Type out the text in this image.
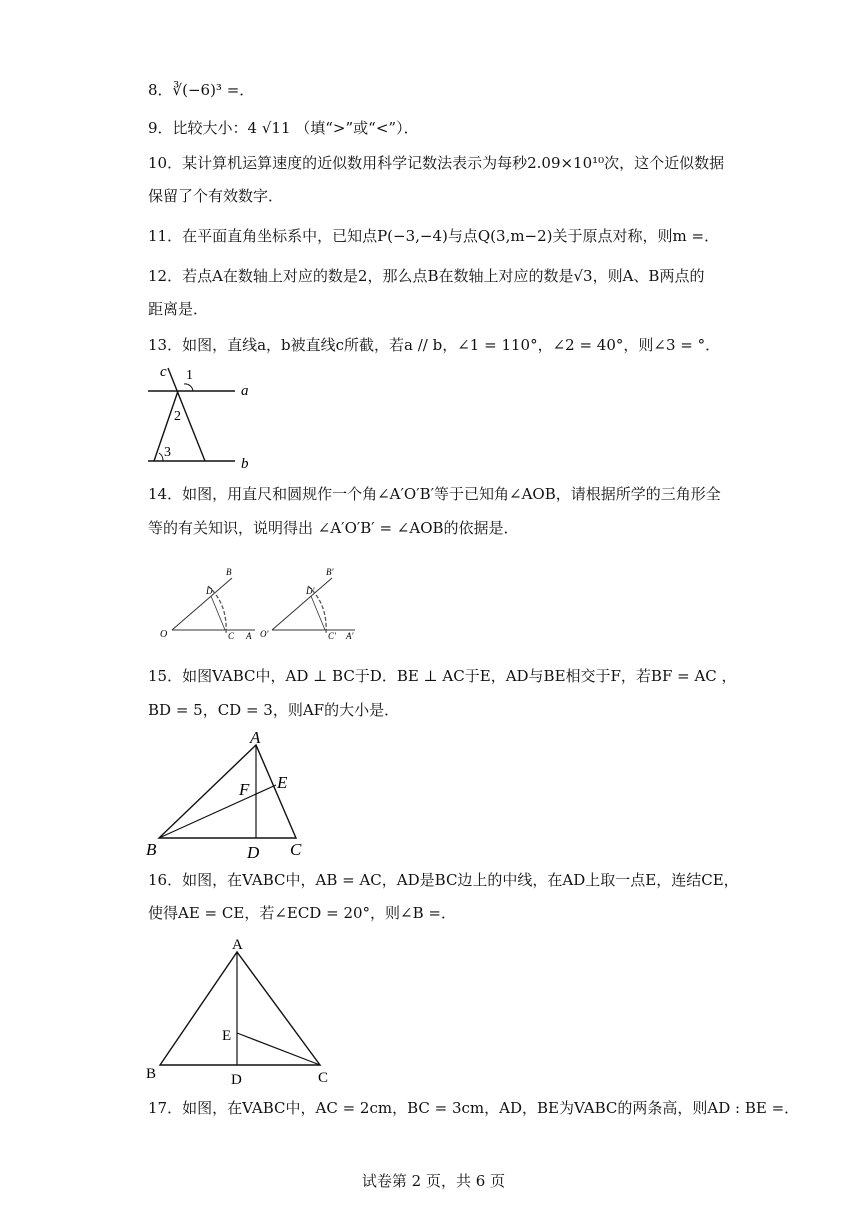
8．∛(−6)³ =．
9．比较大小：4 √11 （填“>”或“<”）．
10．某计算机运算速度的近似数用科学记数法表示为每秒2.09×10¹⁰次，这个近似数据
保留了个有效数字．
11．在平面直角坐标系中，已知点P(−3,−4)与点Q(3,m−2)关于原点对称，则m =．
12．若点A在数轴上对应的数是2，那么点B在数轴上对应的数是√3，则A、B两点的
距离是．
13．如图，直线a，b被直线c所截，若a // b，∠1 = 110°，∠2 = 40°，则∠3 = °．
c 1
a
2
3
b
14．如图，用直尺和圆规作一个角∠A′O′B′等于已知角∠AOB，请根据所学的三角形全
等的有关知识，说明得出 ∠A′O′B′ = ∠AOB的依据是．
O
B
D
C A O′
B′
D′
C′ A′
15．如图VABC中，AD ⊥ BC于D．BE ⊥ AC于E，AD与BE相交于F，若BF = AC ，
BD = 5，CD = 3，则AF的大小是．
A
E
F
B	D C
16．如图，在VABC中，AB = AC，AD是BC边上的中线，在AD上取一点E，连结CE，
使得AE = CE，若∠ECD = 20°，则∠B =．
A
E
B	D	C
17．如图，在VABC中，AC = 2cm，BC = 3cm，AD，BE为VABC的两条高，则AD : BE =．
试卷第 2 页，共 6 页
